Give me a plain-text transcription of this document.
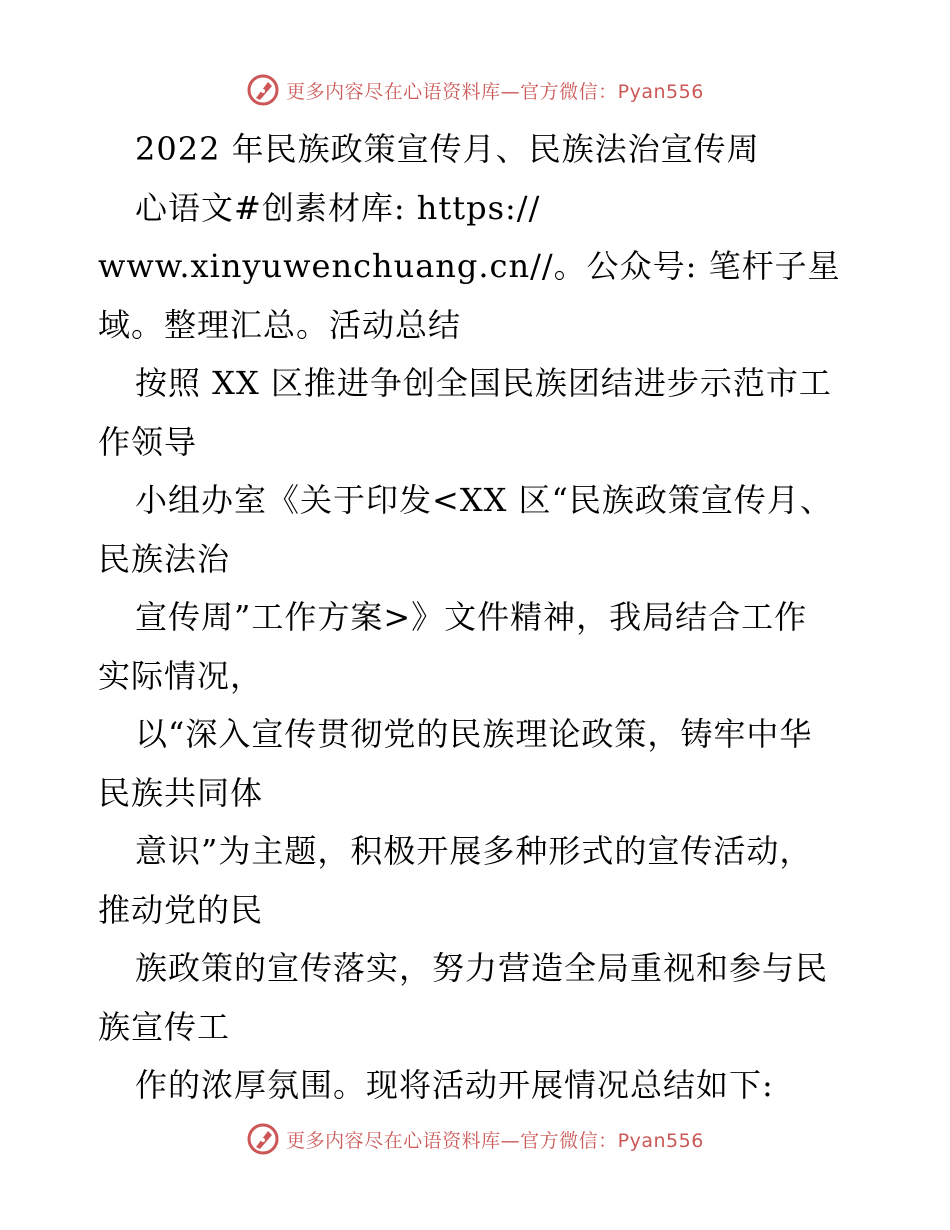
更多内容尽在心语资料库—官方微信：Pyan556
2022 年民族政策宣传月、民族法治宣传周
心语文#创素材库: https://
www.xinyuwenchuang.cn//。公众号: 笔杆子星
域。整理汇总。活动总结
按照 XX 区推进争创全国民族团结进步示范市工
作领导
小组办室《关于印发<XX 区“民族政策宣传月、
民族法治
宣传周”工作方案>》文件精神，我局结合工作
实际情况，
以“深入宣传贯彻党的民族理论政策，铸牢中华
民族共同体
意识”为主题，积极开展多种形式的宣传活动，
推动党的民
族政策的宣传落实，努力营造全局重视和参与民
族宣传工
作的浓厚氛围。现将活动开展情况总结如下:
更多内容尽在心语资料库—官方微信：Pyan556
